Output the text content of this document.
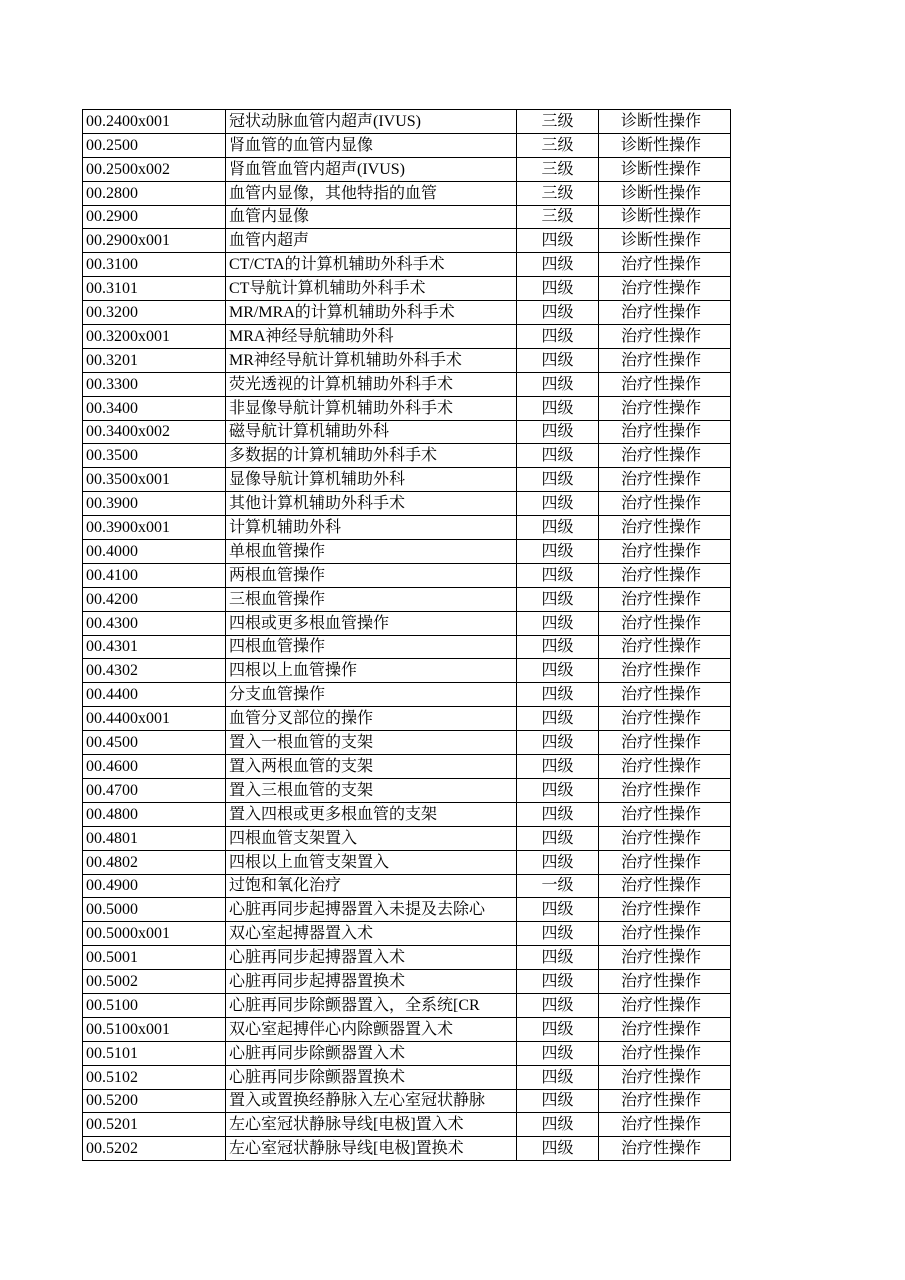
00.2400x001	冠状动脉血管内超声(IVUS)	三级	诊断性操作
00.2500	肾血管的血管内显像	三级	诊断性操作
00.2500x002	肾血管血管内超声(IVUS)	三级	诊断性操作
00.2800	血管内显像，其他特指的血管	三级	诊断性操作
00.2900	血管内显像	三级	诊断性操作
00.2900x001	血管内超声	四级	诊断性操作
00.3100	CT/CTA的计算机辅助外科手术	四级	治疗性操作
00.3101	CT导航计算机辅助外科手术	四级	治疗性操作
00.3200	MR/MRA的计算机辅助外科手术	四级	治疗性操作
00.3200x001	MRA神经导航辅助外科	四级	治疗性操作
00.3201	MR神经导航计算机辅助外科手术	四级	治疗性操作
00.3300	荧光透视的计算机辅助外科手术	四级	治疗性操作
00.3400	非显像导航计算机辅助外科手术	四级	治疗性操作
00.3400x002	磁导航计算机辅助外科	四级	治疗性操作
00.3500	多数据的计算机辅助外科手术	四级	治疗性操作
00.3500x001	显像导航计算机辅助外科	四级	治疗性操作
00.3900	其他计算机辅助外科手术	四级	治疗性操作
00.3900x001	计算机辅助外科	四级	治疗性操作
00.4000	单根血管操作	四级	治疗性操作
00.4100	两根血管操作	四级	治疗性操作
00.4200	三根血管操作	四级	治疗性操作
00.4300	四根或更多根血管操作	四级	治疗性操作
00.4301	四根血管操作	四级	治疗性操作
00.4302	四根以上血管操作	四级	治疗性操作
00.4400	分支血管操作	四级	治疗性操作
00.4400x001	血管分叉部位的操作	四级	治疗性操作
00.4500	置入一根血管的支架	四级	治疗性操作
00.4600	置入两根血管的支架	四级	治疗性操作
00.4700	置入三根血管的支架	四级	治疗性操作
00.4800	置入四根或更多根血管的支架	四级	治疗性操作
00.4801	四根血管支架置入	四级	治疗性操作
00.4802	四根以上血管支架置入	四级	治疗性操作
00.4900	过饱和氧化治疗	一级	治疗性操作
00.5000	心脏再同步起搏器置入未提及去除心	四级	治疗性操作
00.5000x001	双心室起搏器置入术	四级	治疗性操作
00.5001	心脏再同步起搏器置入术	四级	治疗性操作
00.5002	心脏再同步起搏器置换术	四级	治疗性操作
00.5100	心脏再同步除颤器置入，全系统[CR	四级	治疗性操作
00.5100x001	双心室起搏伴心内除颤器置入术	四级	治疗性操作
00.5101	心脏再同步除颤器置入术	四级	治疗性操作
00.5102	心脏再同步除颤器置换术	四级	治疗性操作
00.5200	置入或置换经静脉入左心室冠状静脉	四级	治疗性操作
00.5201	左心室冠状静脉导线[电极]置入术	四级	治疗性操作
00.5202	左心室冠状静脉导线[电极]置换术	四级	治疗性操作
